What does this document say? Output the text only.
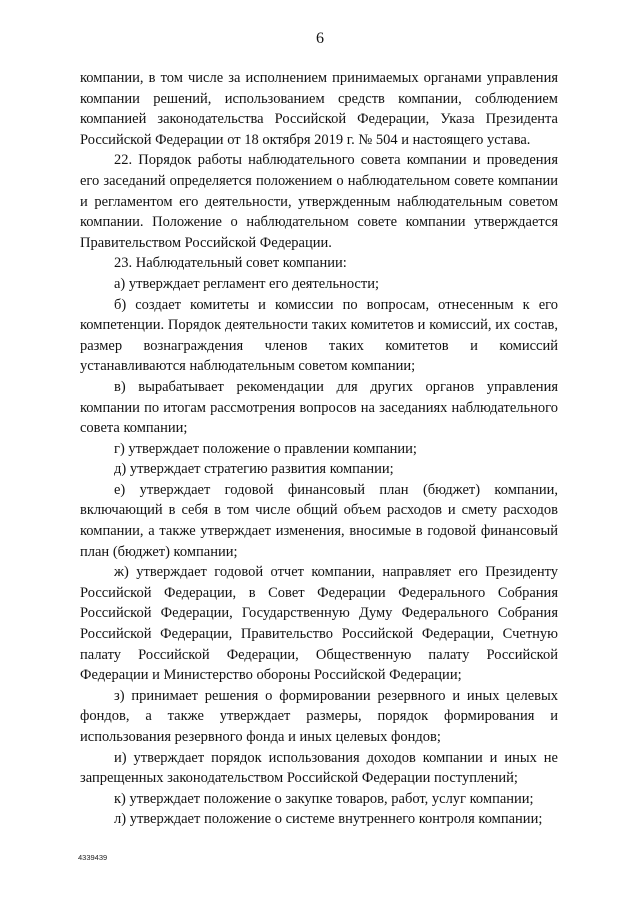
6

компании, в том числе за исполнением принимаемых органами управления компании решений, использованием средств компании, соблюдением компанией законодательства Российской Федерации, Указа Президента Российской Федерации от 18 октября 2019 г. № 504 и настоящего устава.

22. Порядок работы наблюдательного совета компании и проведения его заседаний определяется положением о наблюдательном совете компании и регламентом его деятельности, утвержденным наблюдательным советом компании. Положение о наблюдательном совете компании утверждается Правительством Российской Федерации.

23. Наблюдательный совет компании:

а) утверждает регламент его деятельности;

б) создает комитеты и комиссии по вопросам, отнесенным к его компетенции. Порядок деятельности таких комитетов и комиссий, их состав, размер вознаграждения членов таких комитетов и комиссий устанавливаются наблюдательным советом компании;

в) вырабатывает рекомендации для других органов управления компании по итогам рассмотрения вопросов на заседаниях наблюдательного совета компании;

г) утверждает положение о правлении компании;

д) утверждает стратегию развития компании;

е) утверждает годовой финансовый план (бюджет) компании, включающий в себя в том числе общий объем расходов и смету расходов компании, а также утверждает изменения, вносимые в годовой финансовый план (бюджет) компании;

ж) утверждает годовой отчет компании, направляет его Президенту Российской Федерации, в Совет Федерации Федерального Собрания Российской Федерации, Государственную Думу Федерального Собрания Российской Федерации, Правительство Российской Федерации, Счетную палату Российской Федерации, Общественную палату Российской Федерации и Министерство обороны Российской Федерации;

з) принимает решения о формировании резервного и иных целевых фондов, а также утверждает размеры, порядок формирования и использования резервного фонда и иных целевых фондов;

и) утверждает порядок использования доходов компании и иных не запрещенных законодательством Российской Федерации поступлений;

к) утверждает положение о закупке товаров, работ, услуг компании;

л) утверждает положение о системе внутреннего контроля компании;

4339439
